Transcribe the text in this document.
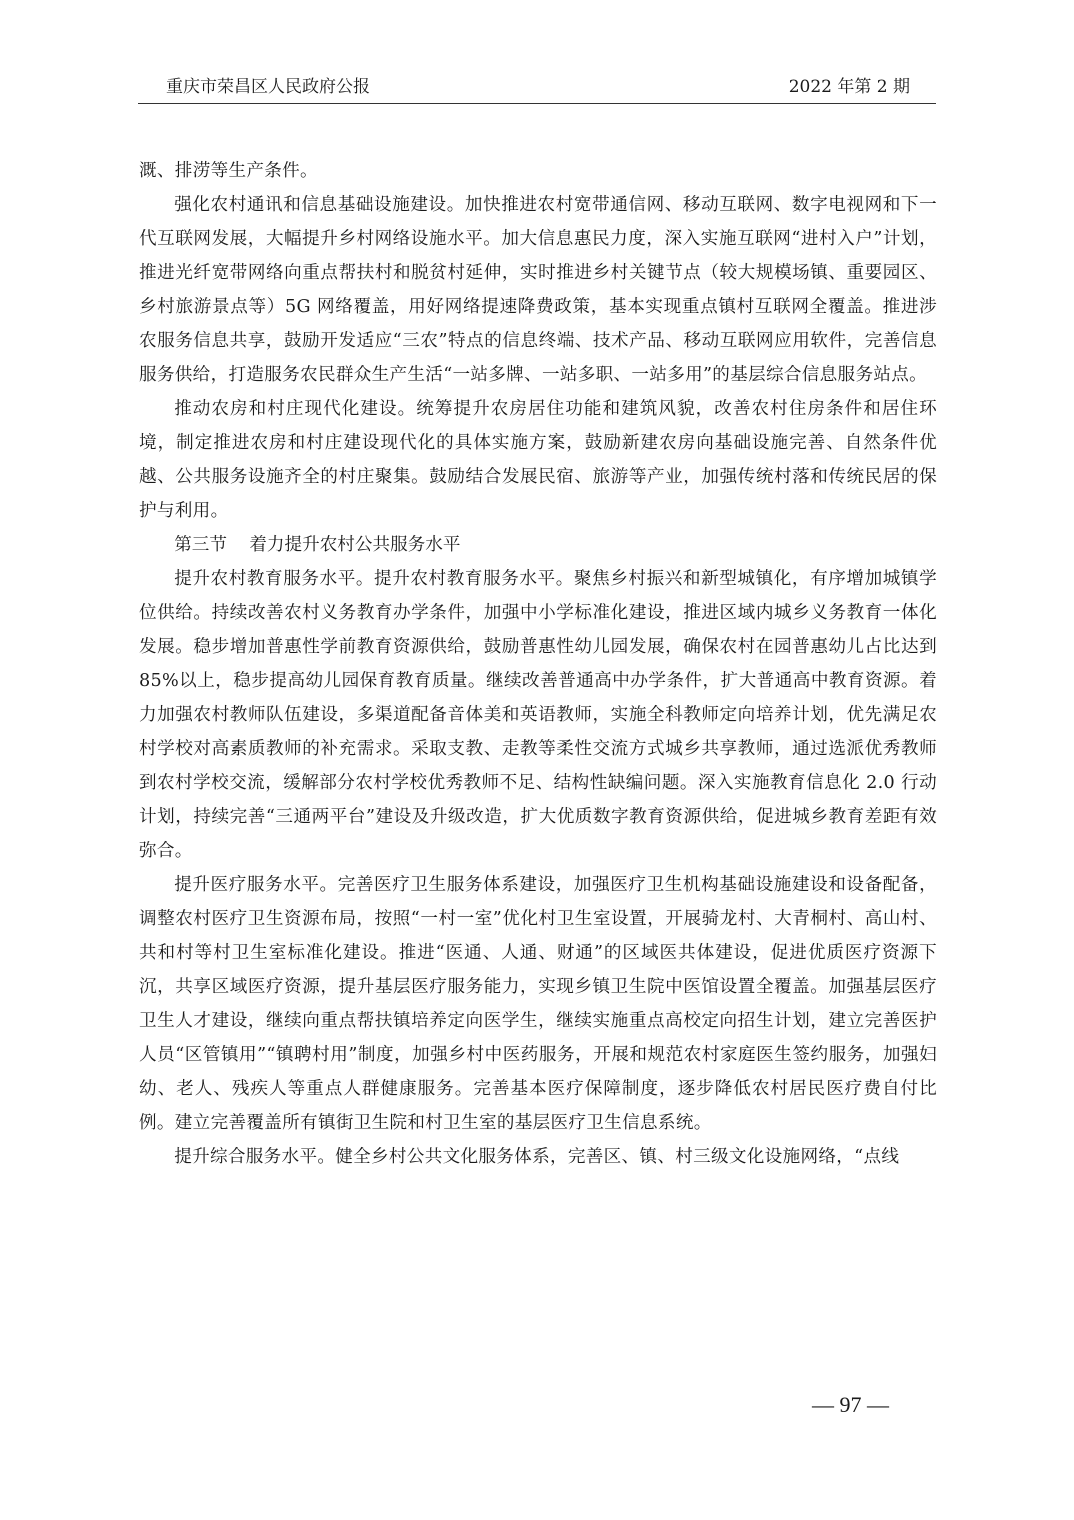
重庆市荣昌区人民政府公报	2022 年第 2 期

溉、排涝等生产条件。

强化农村通讯和信息基础设施建设。加快推进农村宽带通信网、移动互联网、数字电视网和下一代互联网发展，大幅提升乡村网络设施水平。加大信息惠民力度，深入实施互联网“进村入户”计划，推进光纤宽带网络向重点帮扶村和脱贫村延伸，实时推进乡村关键节点（较大规模场镇、重要园区、乡村旅游景点等）5G 网络覆盖，用好网络提速降费政策，基本实现重点镇村互联网全覆盖。推进涉农服务信息共享，鼓励开发适应“三农”特点的信息终端、技术产品、移动互联网应用软件，完善信息服务供给，打造服务农民群众生产生活“一站多牌、一站多职、一站多用”的基层综合信息服务站点。

推动农房和村庄现代化建设。统筹提升农房居住功能和建筑风貌，改善农村住房条件和居住环境，制定推进农房和村庄建设现代化的具体实施方案，鼓励新建农房向基础设施完善、自然条件优越、公共服务设施齐全的村庄聚集。鼓励结合发展民宿、旅游等产业，加强传统村落和传统民居的保护与利用。

第三节    着力提升农村公共服务水平

提升农村教育服务水平。提升农村教育服务水平。聚焦乡村振兴和新型城镇化，有序增加城镇学位供给。持续改善农村义务教育办学条件，加强中小学标准化建设，推进区域内城乡义务教育一体化发展。稳步增加普惠性学前教育资源供给，鼓励普惠性幼儿园发展，确保农村在园普惠幼儿占比达到 85%以上，稳步提高幼儿园保育教育质量。继续改善普通高中办学条件，扩大普通高中教育资源。着力加强农村教师队伍建设，多渠道配备音体美和英语教师，实施全科教师定向培养计划，优先满足农村学校对高素质教师的补充需求。采取支教、走教等柔性交流方式城乡共享教师，通过选派优秀教师到农村学校交流，缓解部分农村学校优秀教师不足、结构性缺编问题。深入实施教育信息化 2.0 行动计划，持续完善“三通两平台”建设及升级改造，扩大优质数字教育资源供给，促进城乡教育差距有效弥合。

提升医疗服务水平。完善医疗卫生服务体系建设，加强医疗卫生机构基础设施建设和设备配备，调整农村医疗卫生资源布局，按照“一村一室”优化村卫生室设置，开展骑龙村、大青桐村、高山村、共和村等村卫生室标准化建设。推进“医通、人通、财通”的区域医共体建设，促进优质医疗资源下沉，共享区域医疗资源，提升基层医疗服务能力，实现乡镇卫生院中医馆设置全覆盖。加强基层医疗卫生人才建设，继续向重点帮扶镇培养定向医学生，继续实施重点高校定向招生计划，建立完善医护人员“区管镇用”“镇聘村用”制度，加强乡村中医药服务，开展和规范农村家庭医生签约服务，加强妇幼、老人、残疾人等重点人群健康服务。完善基本医疗保障制度，逐步降低农村居民医疗费自付比例。建立完善覆盖所有镇街卫生院和村卫生室的基层医疗卫生信息系统。

提升综合服务水平。健全乡村公共文化服务体系，完善区、镇、村三级文化设施网络，“点线

— 97 —
